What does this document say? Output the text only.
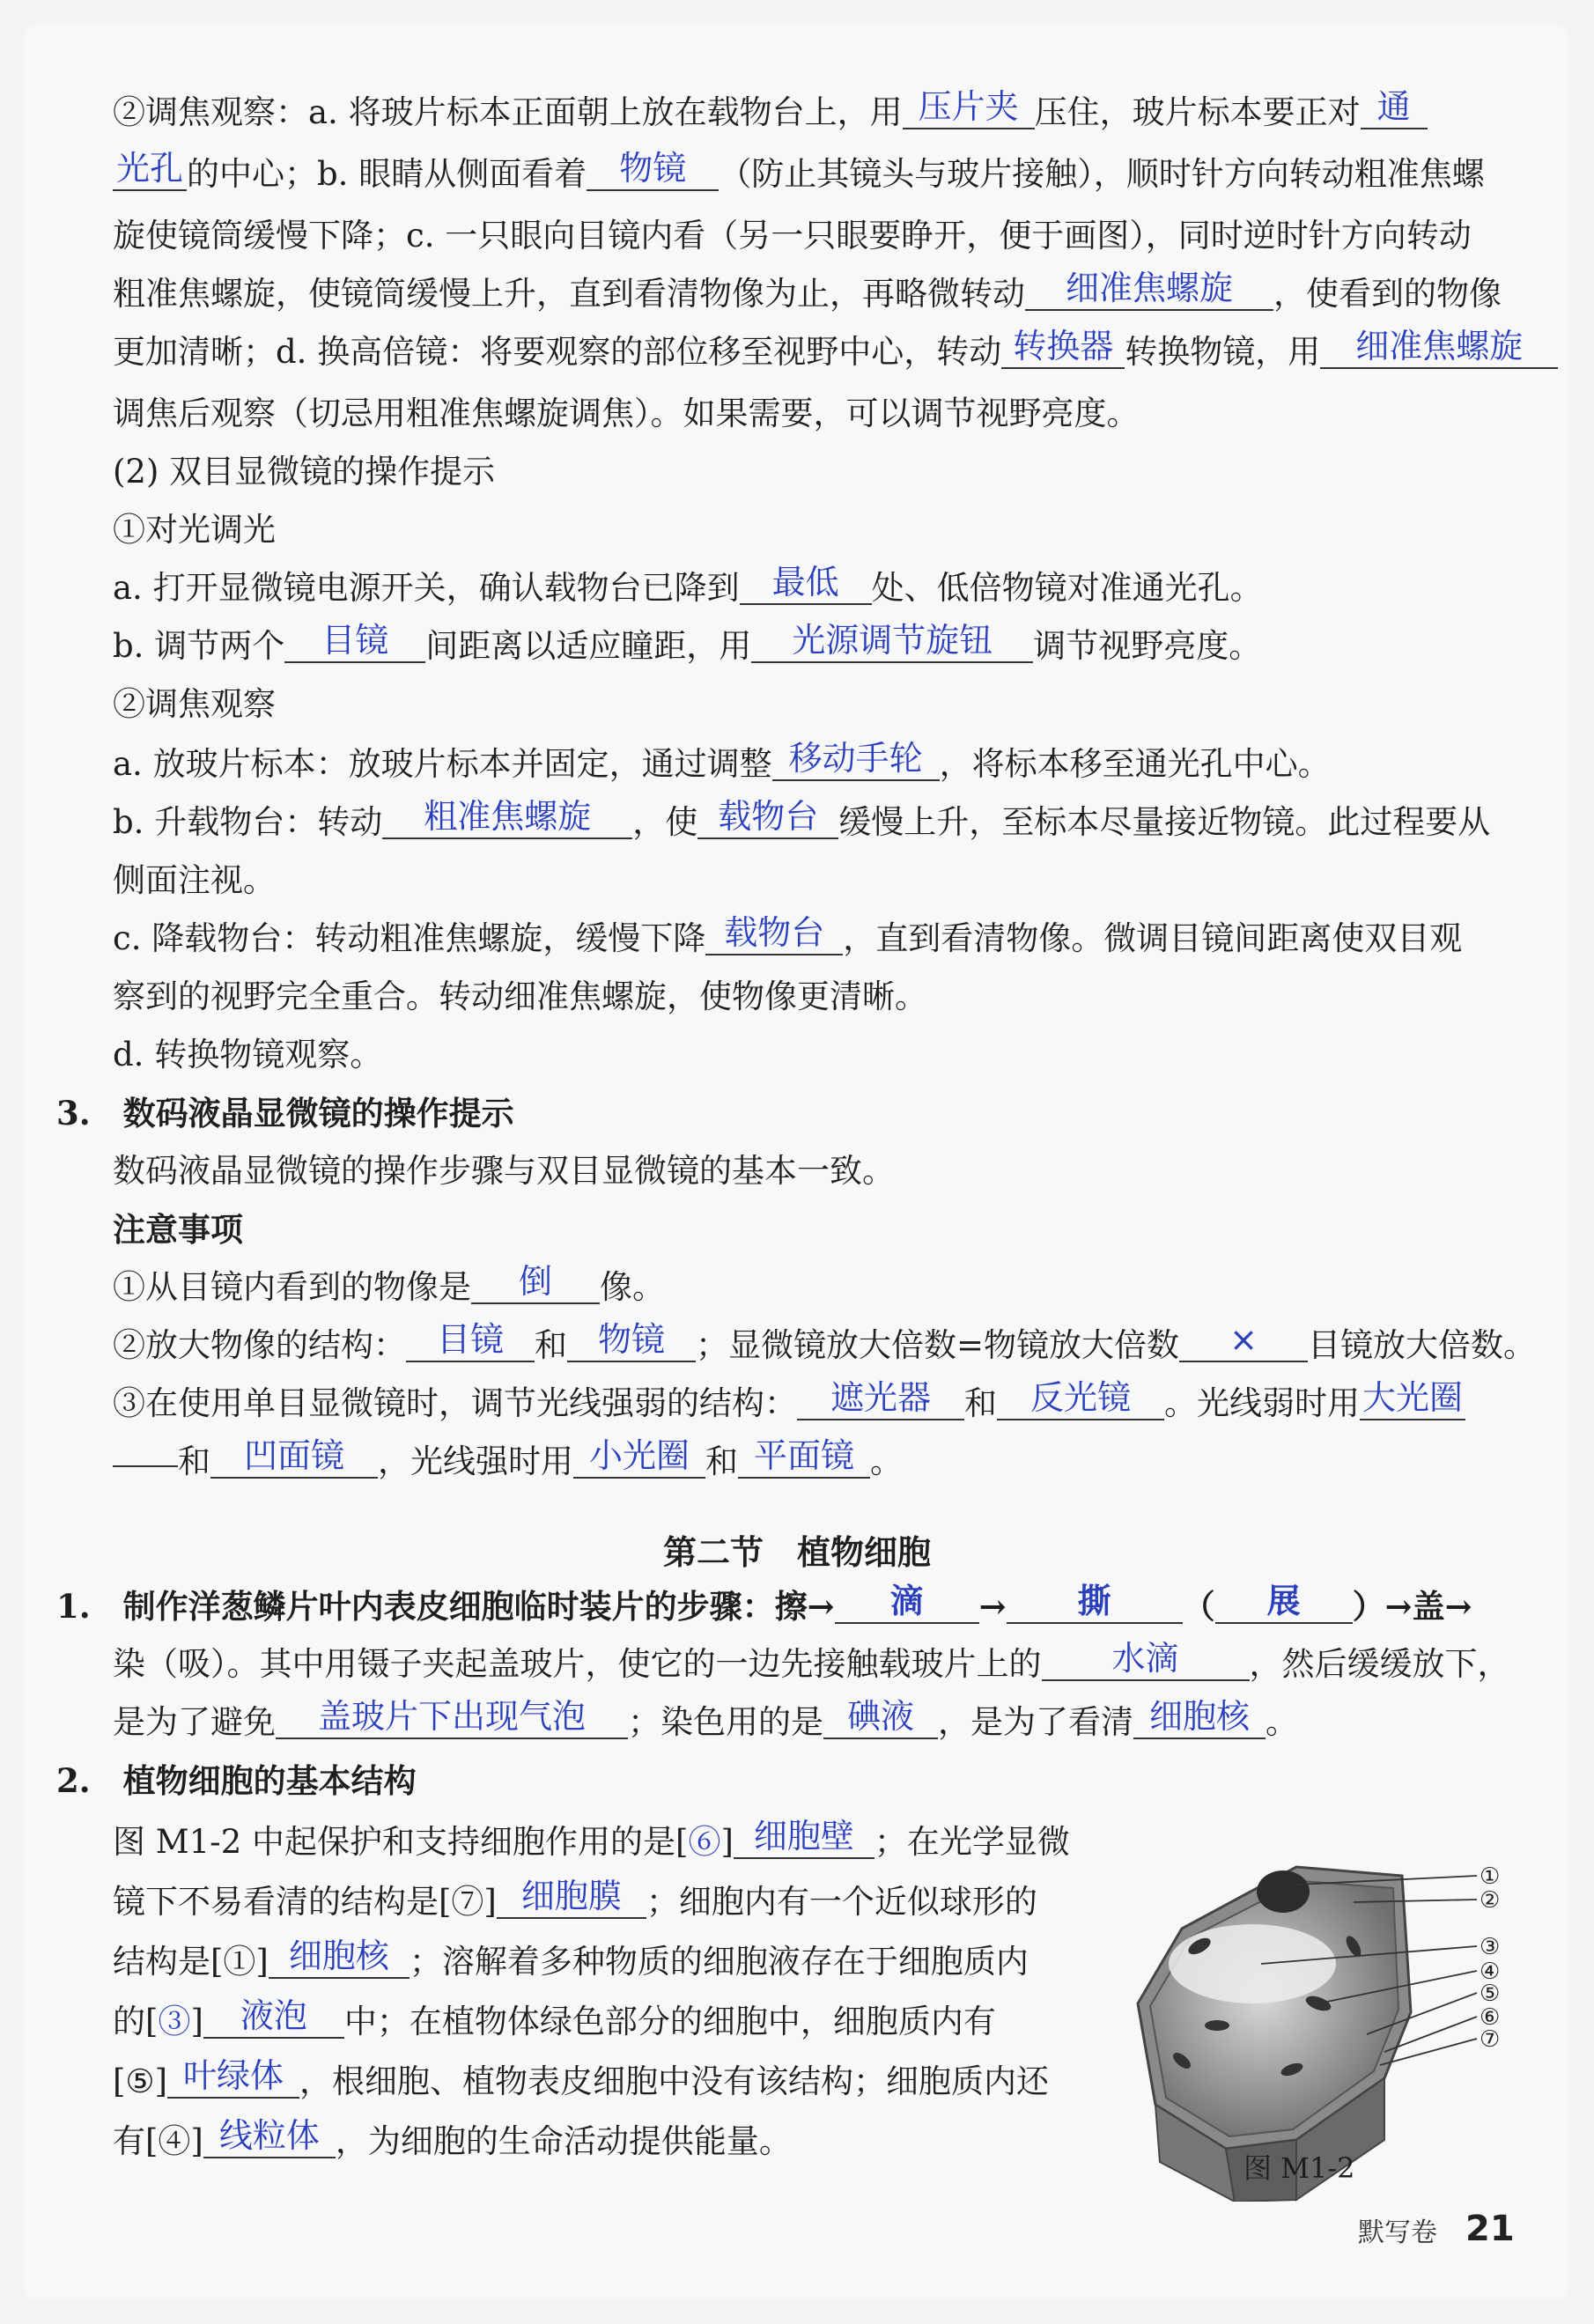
②调焦观察：a. 将玻片标本正面朝上放在载物台上，用 压片夹 压住，玻片标本要正对 通
光孔 的中心；b. 眼睛从侧面看着 物镜 （防止其镜头与玻片接触），顺时针方向转动粗准焦螺
旋使镜筒缓慢下降；c. 一只眼向目镜内看（另一只眼要睁开，便于画图），同时逆时针方向转动
粗准焦螺旋，使镜筒缓慢上升，直到看清物像为止，再略微转动 细准焦螺旋 ，使看到的物像
更加清晰；d. 换高倍镜：将要观察的部位移至视野中心，转动 转换器 转换物镜，用 细准焦螺旋
调焦后观察（切忌用粗准焦螺旋调焦）。如果需要，可以调节视野亮度。
(2) 双目显微镜的操作提示
①对光调光
a. 打开显微镜电源开关，确认载物台已降到 最低 处、低倍物镜对准通光孔。
b. 调节两个 目镜 间距离以适应瞳距，用 光源调节旋钮 调节视野亮度。
②调焦观察
a. 放玻片标本：放玻片标本并固定，通过调整 移动手轮 ，将标本移至通光孔中心。
b. 升载物台：转动 粗准焦螺旋 ，使 载物台 缓慢上升，至标本尽量接近物镜。此过程要从
侧面注视。
c. 降载物台：转动粗准焦螺旋，缓慢下降 载物台 ，直到看清物像。微调目镜间距离使双目观
察到的视野完全重合。转动细准焦螺旋，使物像更清晰。
d. 转换物镜观察。
3.　数码液晶显微镜的操作提示
数码液晶显微镜的操作步骤与双目显微镜的基本一致。
注意事项
①从目镜内看到的物像是 倒 像。
②放大物像的结构： 目镜 和 物镜 ；显微镜放大倍数=物镜放大倍数 × 目镜放大倍数。
③在使用单目显微镜时，调节光线强弱的结构： 遮光器 和 反光镜 。光线弱时用大光圈
和 凹面镜 ，光线强时用 小光圈 和 平面镜 。
1.　制作洋葱鳞片叶内表皮细胞临时装片的步骤：擦→ 滴 → 撕 （ 展 ）→盖→
染（吸）。其中用镊子夹起盖玻片，使它的一边先接触载玻片上的 水滴 ，然后缓缓放下，
是为了避免 盖玻片下出现气泡 ；染色用的是 碘液 ，是为了看清 细胞核 。
2.　植物细胞的基本结构
图 M1-2 中起保护和支持细胞作用的是[⑥] 细胞壁 ；在光学显微
镜下不易看清的结构是[⑦] 细胞膜 ；细胞内有一个近似球形的
结构是[①] 细胞核 ；溶解着多种物质的细胞液存在于细胞质内
的[③] 液泡 中；在植物体绿色部分的细胞中，细胞质内有
[⑤] 叶绿体 ，根细胞、植物表皮细胞中没有该结构；细胞质内还
有[④] 线粒体 ，为细胞的生命活动提供能量。
第二节　植物细胞
①
②
③
④
⑤
⑥
⑦
图 M1-2
默写卷 21
